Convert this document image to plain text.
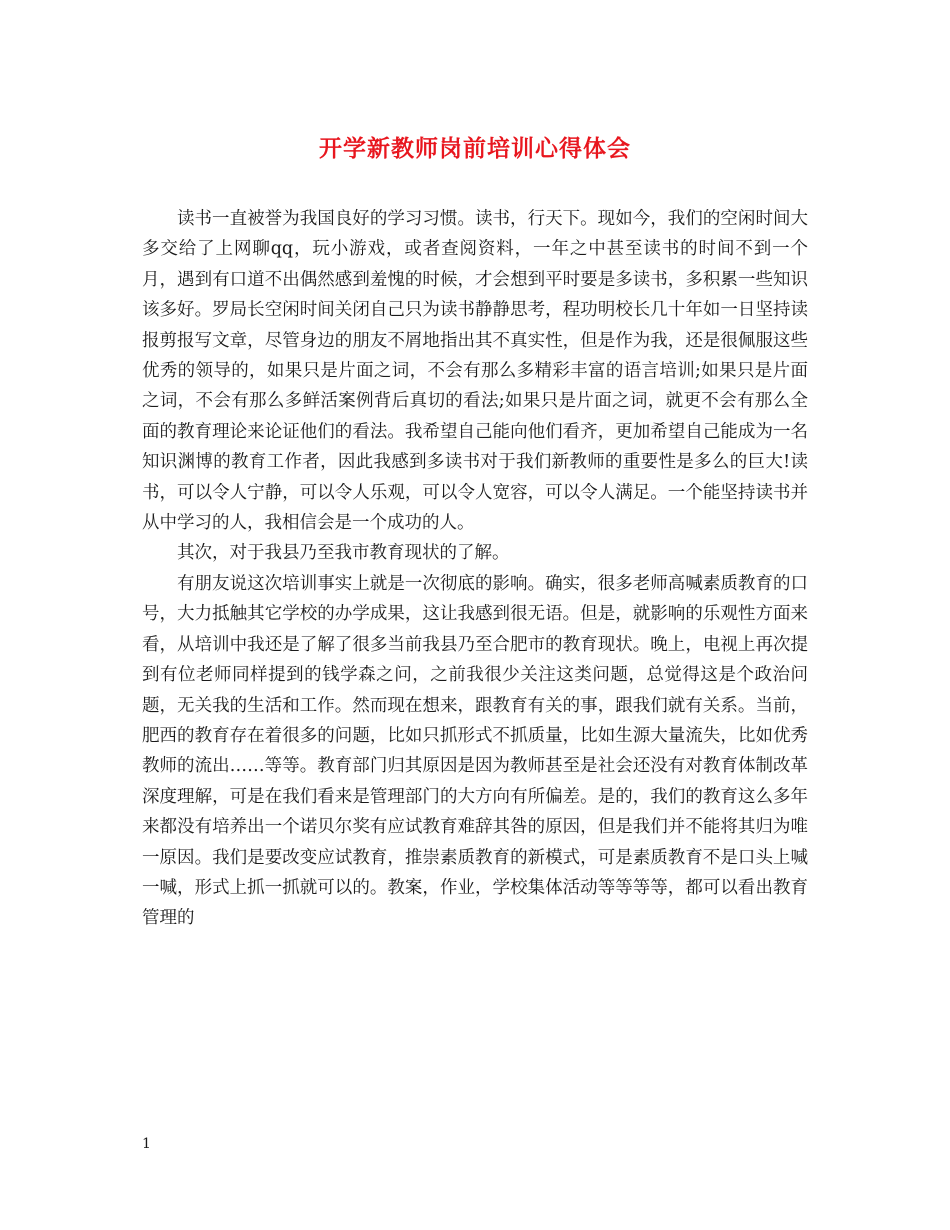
开学新教师岗前培训心得体会

读书一直被誉为我国良好的学习习惯。读书，行天下。现如今，我们的空闲时间大多交给了上网聊qq，玩小游戏，或者查阅资料，一年之中甚至读书的时间不到一个月，遇到有口道不出偶然感到羞愧的时候，才会想到平时要是多读书，多积累一些知识该多好。罗局长空闲时间关闭自己只为读书静静思考，程功明校长几十年如一日坚持读报剪报写文章，尽管身边的朋友不屑地指出其不真实性，但是作为我，还是很佩服这些优秀的领导的，如果只是片面之词，不会有那么多精彩丰富的语言培训;如果只是片面之词，不会有那么多鲜活案例背后真切的看法;如果只是片面之词，就更不会有那么全面的教育理论来论证他们的看法。我希望自己能向他们看齐，更加希望自己能成为一名知识渊博的教育工作者，因此我感到多读书对于我们新教师的重要性是多么的巨大!读书，可以令人宁静，可以令人乐观，可以令人宽容，可以令人满足。一个能坚持读书并从中学习的人，我相信会是一个成功的人。

其次，对于我县乃至我市教育现状的了解。

有朋友说这次培训事实上就是一次彻底的影响。确实，很多老师高喊素质教育的口号，大力抵触其它学校的办学成果，这让我感到很无语。但是，就影响的乐观性方面来看，从培训中我还是了解了很多当前我县乃至合肥市的教育现状。晚上，电视上再次提到有位老师同样提到的钱学森之问，之前我很少关注这类问题，总觉得这是个政治问题，无关我的生活和工作。然而现在想来，跟教育有关的事，跟我们就有关系。当前，肥西的教育存在着很多的问题，比如只抓形式不抓质量，比如生源大量流失，比如优秀教师的流出……等等。教育部门归其原因是因为教师甚至是社会还没有对教育体制改革深度理解，可是在我们看来是管理部门的大方向有所偏差。是的，我们的教育这么多年来都没有培养出一个诺贝尔奖有应试教育难辞其咎的原因，但是我们并不能将其归为唯一原因。我们是要改变应试教育，推崇素质教育的新模式，可是素质教育不是口头上喊一喊，形式上抓一抓就可以的。教案，作业，学校集体活动等等等等，都可以看出教育管理的

1
